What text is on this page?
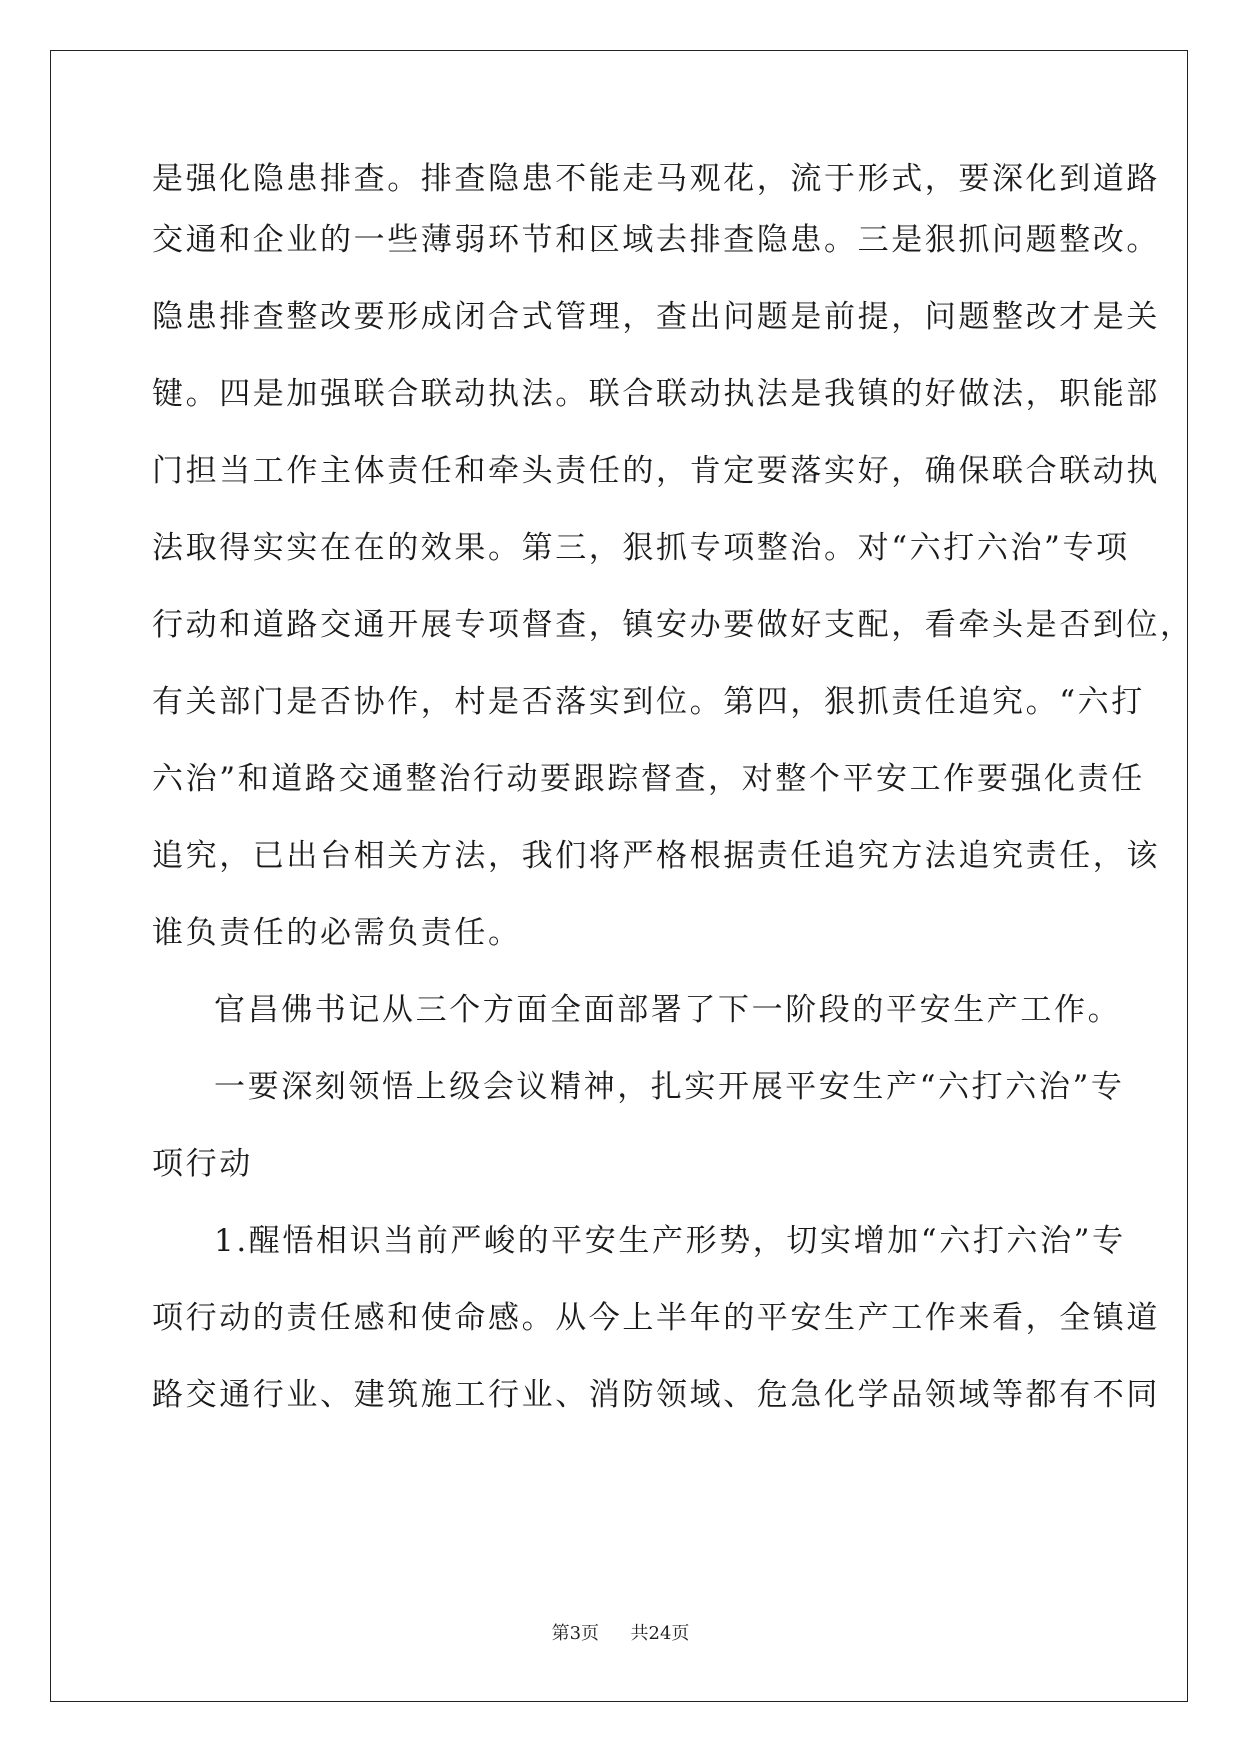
是强化隐患排查。排查隐患不能走马观花，流于形式，要深化到道路
交通和企业的一些薄弱环节和区域去排查隐患。三是狠抓问题整改。
隐患排查整改要形成闭合式管理，查出问题是前提，问题整改才是关
键。四是加强联合联动执法。联合联动执法是我镇的好做法，职能部
门担当工作主体责任和牵头责任的，肯定要落实好，确保联合联动执
法取得实实在在的效果。第三，狠抓专项整治。对“六打六治”专项
行动和道路交通开展专项督查，镇安办要做好支配，看牵头是否到位，
有关部门是否协作，村是否落实到位。第四，狠抓责任追究。“六打
六治”和道路交通整治行动要跟踪督查，对整个平安工作要强化责任
追究，已出台相关方法，我们将严格根据责任追究方法追究责任，该
谁负责任的必需负责任。
官昌佛书记从三个方面全面部署了下一阶段的平安生产工作。
一要深刻领悟上级会议精神，扎实开展平安生产“六打六治”专
项行动
1.醒悟相识当前严峻的平安生产形势，切实增加“六打六治”专
项行动的责任感和使命感。从今上半年的平安生产工作来看，全镇道
路交通行业、建筑施工行业、消防领域、危急化学品领域等都有不同
第3页 共24页
